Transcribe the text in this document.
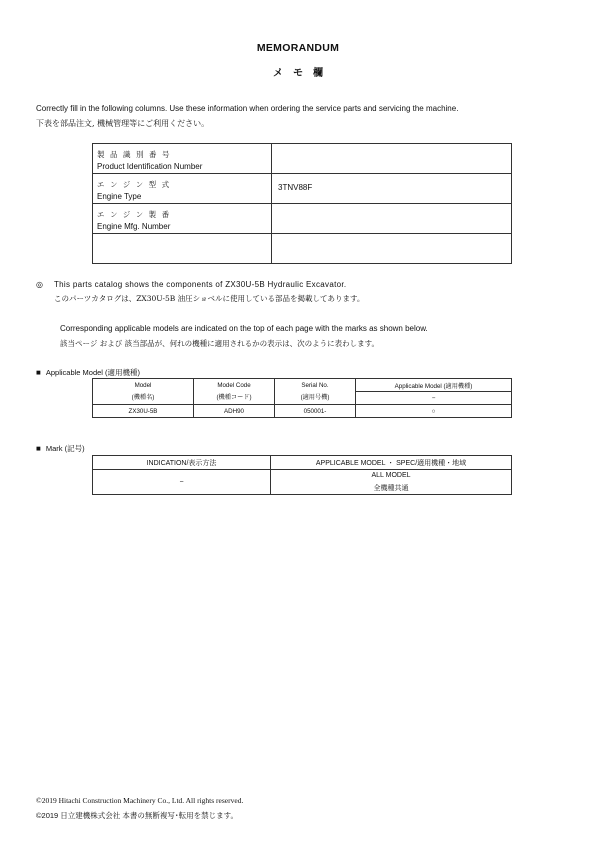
MEMORANDUM
メ　モ　欄
Correctly fill in the following columns. Use these information when ordering the service parts and servicing the machine.
下表を部品注文, 機械管理等にご利用ください。
製品識別番号
Product Identification Number	

エンジン型式
Engine Type	3TNV88F

エンジン製番
Engine Mfg. Number	

◎ This parts catalog shows the components of ZX30U-5B Hydraulic Excavator.
このパーツカタログは、ZX30U-5B 油圧ショベルに使用している部品を掲載してあります。
Corresponding applicable models are indicated on the top of each page with the marks as shown below.
該当ページ および 該当部品が、何れの機種に適用されるかの表示は、次のように表わします。
■ Applicable Model (適用機種)
Model
(機種名)	Model Code
(機種コード)	Serial No.
(適用号機)	Applicable Model (適用機種)
			−
ZX30U-5B	ADH90	050001-	○
■ Mark (記号)
INDICATION/表示方法	APPLICABLE MODEL ・ SPEC/適用機種・地域
−	ALL MODEL
全機種共通
©2019 Hitachi Construction Machinery Co., Ltd. All rights reserved.
©2019 日立建機株式会社 本書の無断複写･転用を禁じます。
